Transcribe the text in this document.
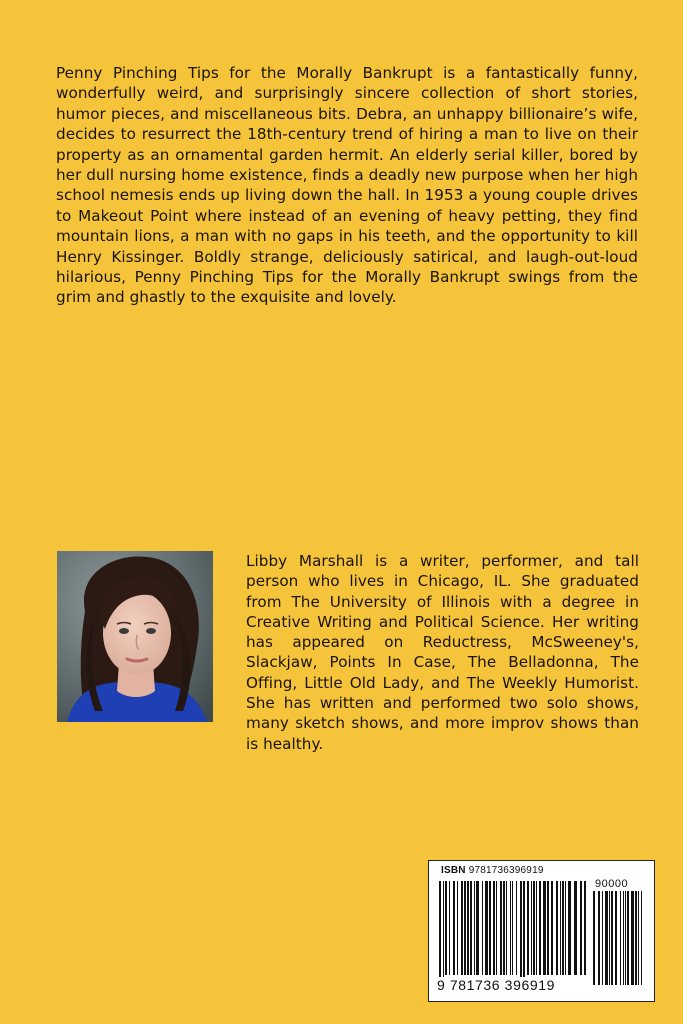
Penny Pinching Tips for the Morally Bankrupt is a fantastically funny, wonderfully weird, and surprisingly sincere collection of short stories, humor pieces, and miscellaneous bits. Debra, an unhappy billionaire’s wife, decides to resurrect the 18th-century trend of hiring a man to live on their property as an ornamental garden hermit. An elderly serial killer, bored by her dull nursing home existence, finds a deadly new purpose when her high school nemesis ends up living down the hall. In 1953 a young couple drives to Makeout Point where instead of an evening of heavy petting, they find mountain lions, a man with no gaps in his teeth, and the opportunity to kill Henry Kissinger. Boldly strange, deliciously satirical, and laugh-out-loud hilarious, Penny Pinching Tips for the Morally Bankrupt swings from the grim and ghastly to the exquisite and lovely.

Libby Marshall is a writer, performer, and tall person who lives in Chicago, IL. She graduated from The University of Illinois with a degree in Creative Writing and Political Science. Her writing has appeared on Reductress, McSweeney's, Slackjaw, Points In Case, The Belladonna, The Offing, Little Old Lady, and The Weekly Humorist. She has written and performed two solo shows, many sketch shows, and more improv shows than is healthy.

ISBN 9781736396919
90000
9 781736 396919
